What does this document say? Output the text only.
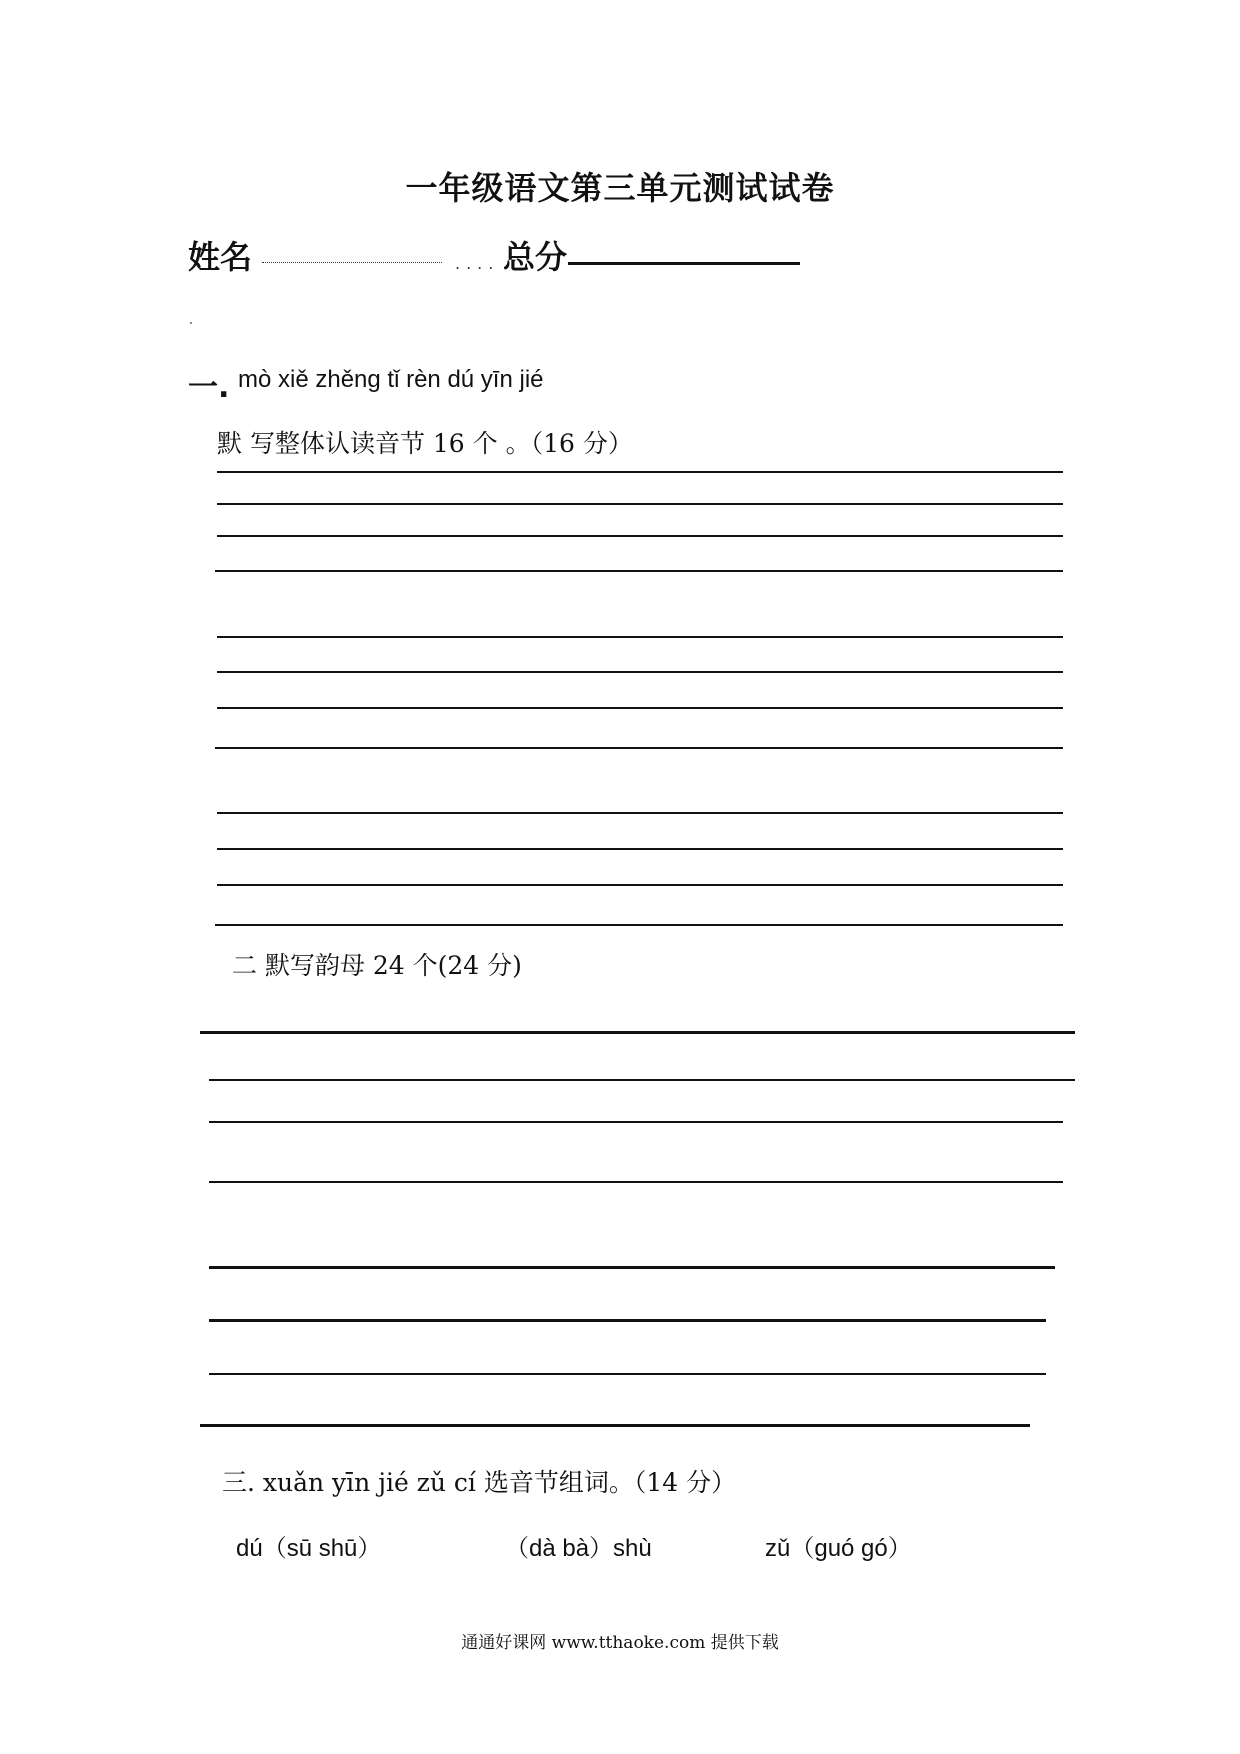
一年级语文第三单元测试试卷
姓名	.... 总分
一. mò xiě zhěng tǐ rèn dú yīn jié
默 写整体认读音节 16 个 。（16 分）
二 默写韵母 24 个(24 分)
三. xuǎn yīn jié zǔ cí 选音节组词。（14 分）
dú（sū shū）	（dà bà）shù	zǔ（guó gó）
通通好课网 www.tthaoke.com 提供下载
